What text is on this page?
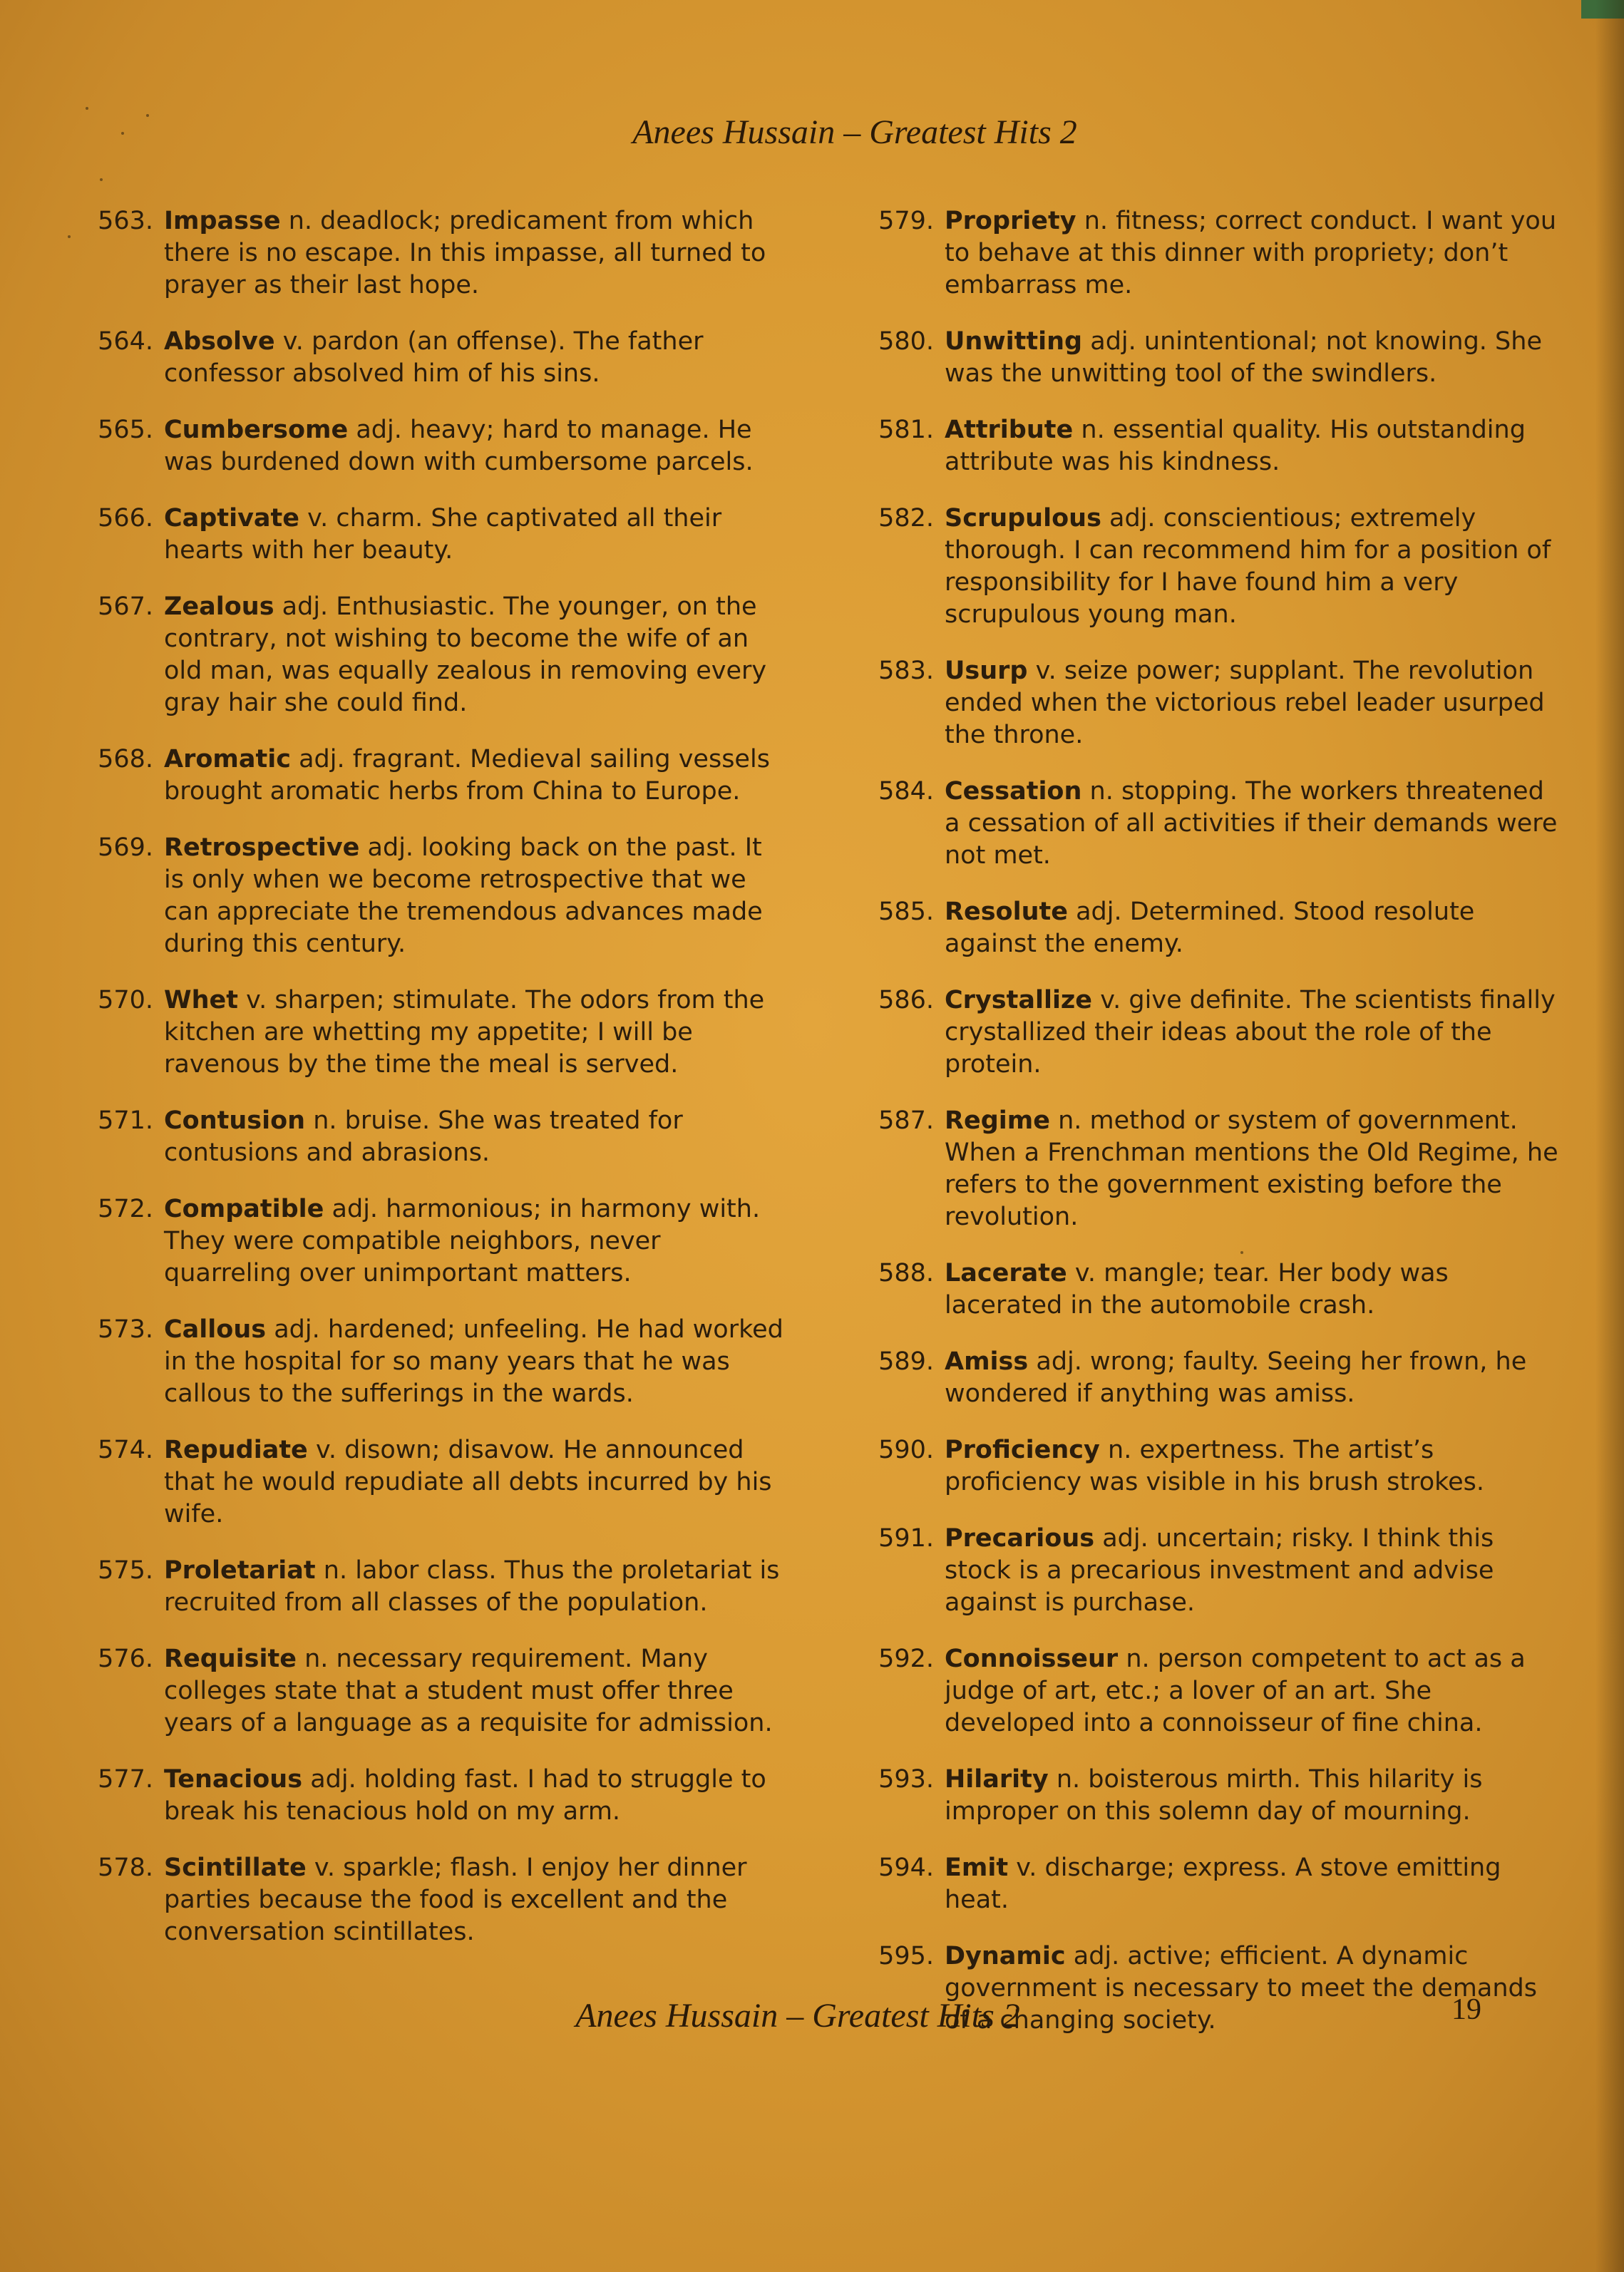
Anees Hussain – Greatest Hits 2
563. Impasse n. deadlock; predicament from which there is no escape. In this impasse, all turned to prayer as their last hope.
564. Absolve v. pardon (an offense). The father confessor absolved him of his sins.
565. Cumbersome adj. heavy; hard to manage. He was burdened down with cumbersome parcels.
566. Captivate v. charm. She captivated all their hearts with her beauty.
567. Zealous adj. Enthusiastic. The younger, on the contrary, not wishing to become the wife of an old man, was equally zealous in removing every gray hair she could find.
568. Aromatic adj. fragrant. Medieval sailing vessels brought aromatic herbs from China to Europe.
569. Retrospective adj. looking back on the past. It is only when we become retrospective that we can appreciate the tremendous advances made during this century.
570. Whet v. sharpen; stimulate. The odors from the kitchen are whetting my appetite; I will be ravenous by the time the meal is served.
571. Contusion n. bruise. She was treated for contusions and abrasions.
572. Compatible adj. harmonious; in harmony with. They were compatible neighbors, never quarreling over unimportant matters.
573. Callous adj. hardened; unfeeling. He had worked in the hospital for so many years that he was callous to the sufferings in the wards.
574. Repudiate v. disown; disavow. He announced that he would repudiate all debts incurred by his wife.
575. Proletariat n. labor class. Thus the proletariat is recruited from all classes of the population.
576. Requisite n. necessary requirement. Many colleges state that a student must offer three years of a language as a requisite for admission.
577. Tenacious adj. holding fast. I had to struggle to break his tenacious hold on my arm.
578. Scintillate v. sparkle; flash. I enjoy her dinner parties because the food is excellent and the conversation scintillates.
579. Propriety n. fitness; correct conduct. I want you to behave at this dinner with propriety; don’t embarrass me.
580. Unwitting adj. unintentional; not knowing. She was the unwitting tool of the swindlers.
581. Attribute n. essential quality. His outstanding attribute was his kindness.
582. Scrupulous adj. conscientious; extremely thorough. I can recommend him for a position of responsibility for I have found him a very scrupulous young man.
583. Usurp v. seize power; supplant. The revolution ended when the victorious rebel leader usurped the throne.
584. Cessation n. stopping. The workers threatened a cessation of all activities if their demands were not met.
585. Resolute adj. Determined. Stood resolute against the enemy.
586. Crystallize v. give definite. The scientists finally crystallized their ideas about the role of the protein.
587. Regime n. method or system of government. When a Frenchman mentions the Old Regime, he refers to the government existing before the revolution.
588. Lacerate v. mangle; tear. Her body was lacerated in the automobile crash.
589. Amiss adj. wrong; faulty. Seeing her frown, he wondered if anything was amiss.
590. Proficiency n. expertness. The artist’s proficiency was visible in his brush strokes.
591. Precarious adj. uncertain; risky. I think this stock is a precarious investment and advise against is purchase.
592. Connoisseur n. person competent to act as a judge of art, etc.; a lover of an art. She developed into a connoisseur of fine china.
593. Hilarity n. boisterous mirth. This hilarity is improper on this solemn day of mourning.
594. Emit v. discharge; express. A stove emitting heat.
595. Dynamic adj. active; efficient. A dynamic government is necessary to meet the demands of a changing society.
Anees Hussain – Greatest Hits 2	19
